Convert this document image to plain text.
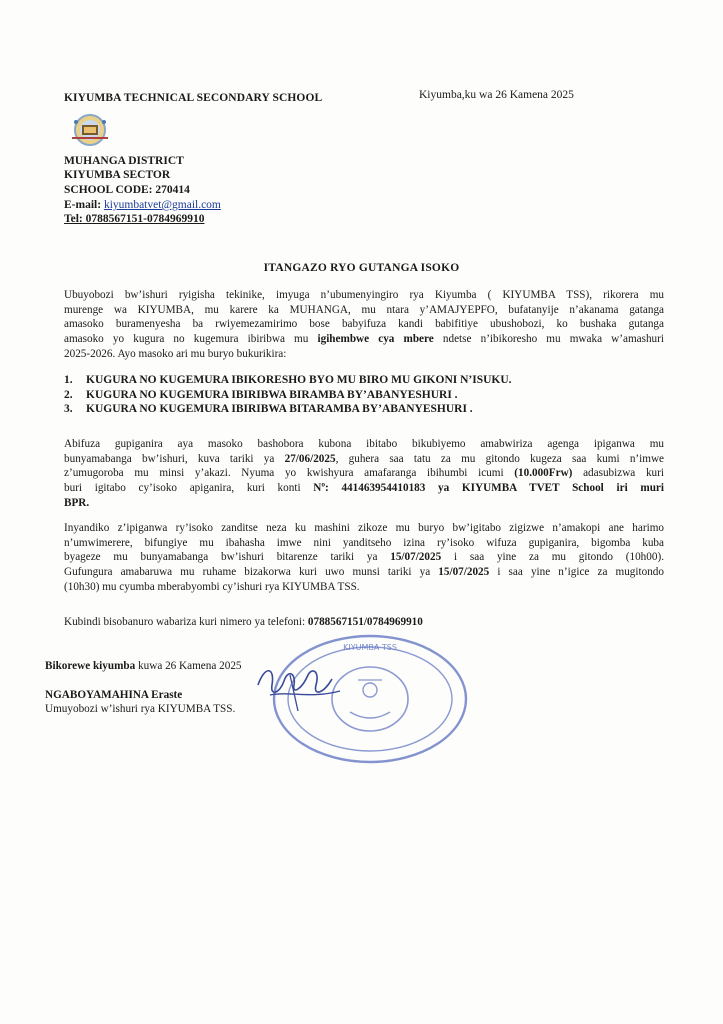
KIYUMBA TECHNICAL SECONDARY SCHOOL	Kiyumba,ku wa 26 Kamena 2025
MUHANGA DISTRICT
KIYUMBA SECTOR
SCHOOL CODE: 270414
E-mail: kiyumbatvet@gmail.com
Tel: 0788567151-0784969910
ITANGAZO RYO GUTANGA ISOKO
Ubuyobozi bw’ishuri ryigisha tekinike, imyuga n’ubumenyingiro rya Kiyumba ( KIYUMBA TSS), rikorera mu
murenge wa KIYUMBA, mu karere ka MUHANGA, mu ntara y’AMAJYEPFO, bufatanyije n’akanama gatanga
amasoko buramenyesha ba rwiyemezamirimo bose babyifuza kandi babifitiye ubushobozi, ko bushaka gutanga
amasoko yo kugura no kugemura ibiribwa mu igihembwe cya mbere ndetse n’ibikoresho mu mwaka w’amashuri
2025-2026. Ayo masoko ari mu buryo bukurikira:
1. KUGURA NO KUGEMURA IBIKORESHO BYO MU BIRO MU GIKONI N’ISUKU.
2. KUGURA NO KUGEMURA IBIRIBWA BIRAMBA BY’ABANYESHURI .
3. KUGURA NO KUGEMURA IBIRIBWA BITARAMBA BY’ABANYESHURI .
Abifuza gupiganira aya masoko bashobora kubona ibitabo bikubiyemo amabwiriza agenga ipiganwa mu
bunyamabanga bw’ishuri, kuva tariki ya 27/06/2025, guhera saa tatu za mu gitondo kugeza saa kumi n’imwe
z’umugoroba mu minsi y’akazi. Nyuma yo kwishyura amafaranga ibihumbi icumi (10.000Frw) adasubizwa kuri
buri igitabo cy’isoko apiganira, kuri konti Nº: 441463954410183 ya KIYUMBA TVET School iri muri
BPR.
Inyandiko z’ipiganwa ry’isoko zanditse neza ku mashini zikoze mu buryo bw’igitabo zigizwe n’amakopi ane harimo
n’umwimerere, bifungiye mu ibahasha imwe nini yanditseho izina ry’isoko wifuza gupiganira, bigomba kuba
byageze mu bunyamabanga bw’ishuri bitarenze tariki ya 15/07/2025 i saa yine za mu gitondo (10h00).
Gufungura amabaruwa mu ruhame bizakorwa kuri uwo munsi tariki ya 15/07/2025 i saa yine n’igice za mugitondo
(10h30) mu cyumba mberabyombi cy’ishuri rya KIYUMBA TSS.
Kubindi bisobanuro wabariza kuri nimero ya telefoni: 0788567151/0784969910
KIYUMBA TSS
Bikorewe kiyumba kuwa 26 Kamena 2025
NGABOYAMAHINA Eraste
Umuyobozi w’ishuri rya KIYUMBA TSS.
